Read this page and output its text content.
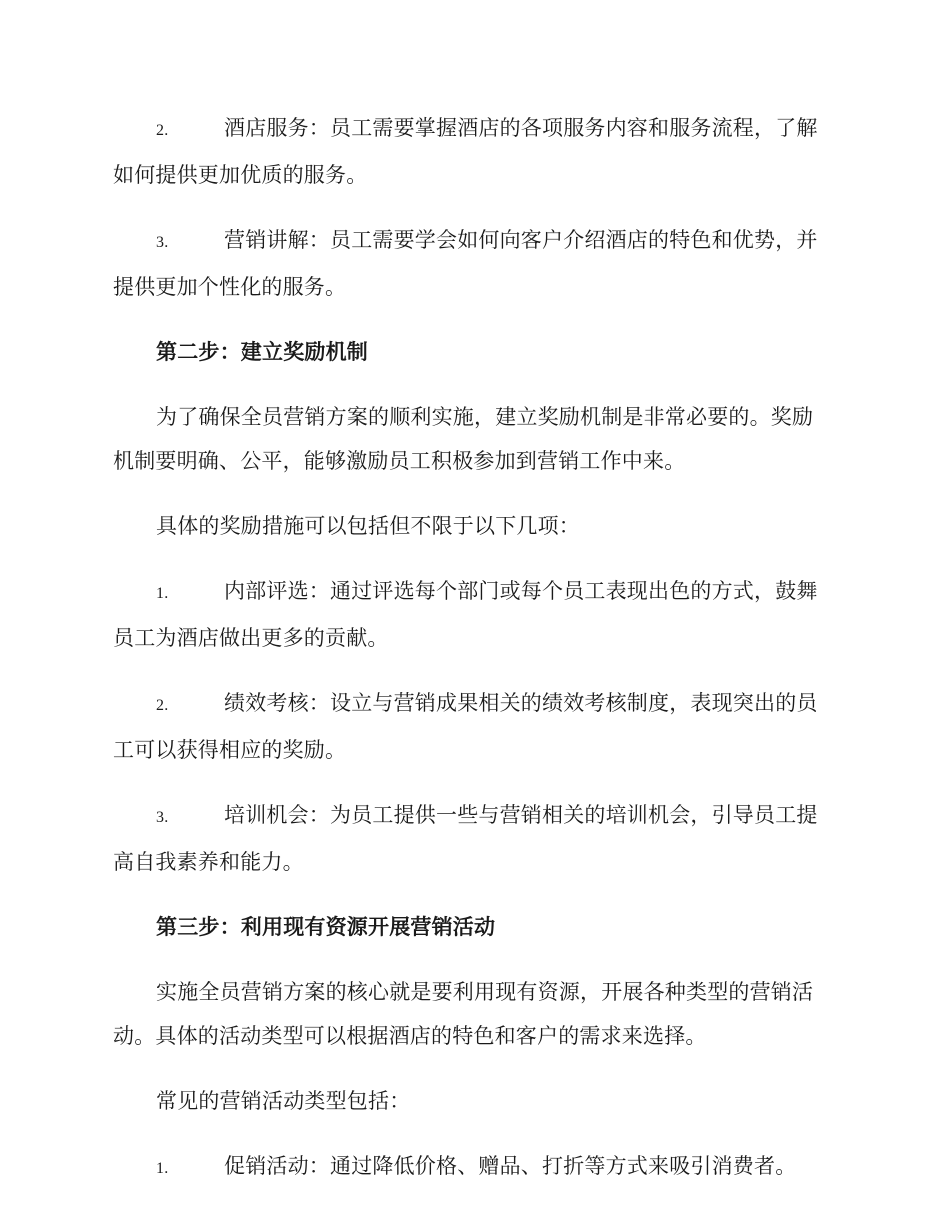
2.	酒店服务：员工需要掌握酒店的各项服务内容和服务流程，了解如何提供更加优质的服务。
3.	营销讲解：员工需要学会如何向客户介绍酒店的特色和优势，并提供更加个性化的服务。
第二步：建立奖励机制
为了确保全员营销方案的顺利实施，建立奖励机制是非常必要的。奖励机制要明确、公平，能够激励员工积极参加到营销工作中来。
具体的奖励措施可以包括但不限于以下几项：
1.	内部评选：通过评选每个部门或每个员工表现出色的方式，鼓舞员工为酒店做出更多的贡献。
2.	绩效考核：设立与营销成果相关的绩效考核制度，表现突出的员工可以获得相应的奖励。
3.	培训机会：为员工提供一些与营销相关的培训机会，引导员工提高自我素养和能力。
第三步：利用现有资源开展营销活动
实施全员营销方案的核心就是要利用现有资源，开展各种类型的营销活动。具体的活动类型可以根据酒店的特色和客户的需求来选择。
常见的营销活动类型包括：
1.	促销活动：通过降低价格、赠品、打折等方式来吸引消费者。
